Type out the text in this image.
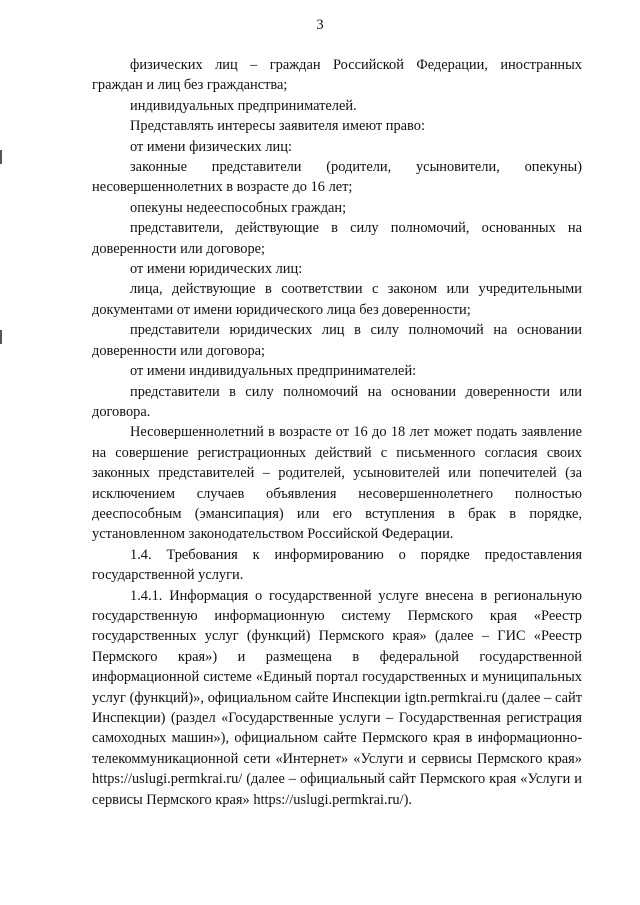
3

физических лиц – граждан Российской Федерации, иностранных граждан и лиц без гражданства;

индивидуальных предпринимателей.

Представлять интересы заявителя имеют право:

от имени физических лиц:

законные представители (родители, усыновители, опекуны) несовершеннолетних в возрасте до 16 лет;

опекуны недееспособных граждан;

представители, действующие в силу полномочий, основанных на доверенности или договоре;

от имени юридических лиц:

лица, действующие в соответствии с законом или учредительными документами от имени юридического лица без доверенности;

представители юридических лиц в силу полномочий на основании доверенности или договора;

от имени индивидуальных предпринимателей:

представители в силу полномочий на основании доверенности или договора.

Несовершеннолетний в возрасте от 16 до 18 лет может подать заявление на совершение регистрационных действий с письменного согласия своих законных представителей – родителей, усыновителей или попечителей (за исключением случаев объявления несовершеннолетнего полностью дееспособным (эмансипация) или его вступления в брак в порядке, установленном законодательством Российской Федерации.

1.4. Требования к информированию о порядке предоставления государственной услуги.

1.4.1. Информация о государственной услуге внесена в региональную государственную информационную систему Пермского края «Реестр государственных услуг (функций) Пермского края» (далее – ГИС «Реестр Пермского края») и размещена в федеральной государственной информационной системе «Единый портал государственных и муниципальных услуг (функций)», официальном сайте Инспекции igtn.permkrai.ru (далее – сайт Инспекции) (раздел «Государственные услуги – Государственная регистрация самоходных машин»), официальном сайте Пермского края в информационно-телекоммуникационной сети «Интернет» «Услуги и сервисы Пермского края» https://uslugi.permkrai.ru/ (далее – официальный сайт Пермского края «Услуги и сервисы Пермского края» https://uslugi.permkrai.ru/).
